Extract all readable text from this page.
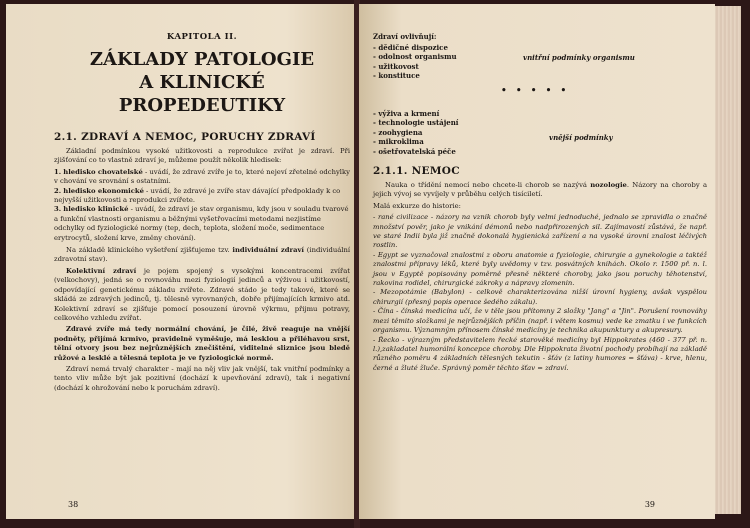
KAPITOLA II.
ZÁKLADY PATOLOGIE
A KLINICKÉ PROPEDEUTIKY
2.1. ZDRAVÍ A NEMOC, PORUCHY ZDRAVÍ

Základní podmínkou vysoké užitkovosti a reprodukce zvířat je zdraví. Při zjišťování co to vlastně zdraví je, můžeme použít několik hledisek:

1. hledisko chovatelské - uvádí, že zdravé zvíře je to, které nejeví zřetelné odchylky v chování ve srovnání s ostatními.
2. hledisko ekonomické - uvádí, že zdravé je zvíře stav dávající předpoklady k co nejvyšší užitkovosti a reprodukci zvířete.
3. hledisko klinické - uvádí, že zdraví je stav organismu, kdy jsou v souladu tvarové a funkční vlastnosti organismu a běžnými vyšetřovacími metodami nezjistíme odchylky od fyziologické normy (tep, dech, teplota, složení moče, sedimentace erytrocytů, složení krve, změny chování).

Na základě klinického vyšetření zjišťujeme tzv. individuální zdraví (individuální zdravotní stav).

Kolektivní zdraví je pojem spojený s vysokými koncentracemi zvířat (velkochovy), jedná se o rovnováhu mezi fyziologií jedinců a výživou i užitkovostí, odpovídající genetickému základu zvířete. Zdravé stádo je tedy takové, které se skládá ze zdravých jedinců, tj. tělesně vyrovnaných, dobře přijímajících krmivo atd. Kolektivní zdraví se zjišťuje pomocí posouzení úrovně výkrmu, přijmu potravy, celkového vzhledu zvířat.

Zdravé zvíře má tedy normální chování, je čilé, živě reaguje na vnější podněty, přijímá krmivo, pravidelně vyměšuje, má lesklou a přiléhavou srst, tělní otvory jsou bez nejrůznějších znečištění, viditelné sliznice jsou bledě růžové a lesklé a tělesná teplota je ve fyziologické normě.

Zdraví nemá trvalý charakter - mají na něj vliv jak vnější, tak vnitřní podmínky a tento vliv může být jak pozitivní (dochází k upevňování zdraví), tak i negativní (dochází k ohrožování nebo k poruchám zdraví).

38
Zdraví ovlivňují:
- dědičné dispozice
- odolnost organismu
- užitkovost
- konstituce
vnitřní podmínky organismu
• • • • •
- výživa a krmení
- technologie ustájení
- zoohygiena
- mikroklima
- ošetřovatelská péče
vnější podmínky
2.1.1. NEMOC

Nauka o třídění nemocí nebo chcete-li chorob se nazývá nozologie. Názory na choroby a jejich vývoj se vyvíjely v průběhu celých tisíciletí.

Malá exkurze do historie:

- rané civilizace - názory na vznik chorob byly velmi jednoduché, jednalo se zpravidla o značně množství pověr, jako je vnikání démonů nebo nadpřirozených sil. Zajímavostí zůstává, že např. ve staré Indii byla již značně dokonalá hygienická zařízení a na vysoké úrovni znalost léčivých rostlin.

- Egypt se vyznačoval znalostmi z oboru anatomie a fyziologie, chirurgie a gynekologie a taktéž znalostmi přípravy léků, které byly uvědomy v tzv. posvátných knihách. Okolo r. 1500 př. n. l. jsou v Egyptě popisovány poměrně přesně některé choroby, jako jsou poruchy těhotenství, rakovina rodidel, chirurgické zákroky a nápravy zlomenin.

- Mezopotámie (Babylon) - celkově charakterizována nižší úrovní hygieny, avšak vyspělou chirurgií (přesný popis operace šedého zákalu).

- Čína - čínská medicína učí, že v těle jsou přítomny 2 složky "Jang" a "Jin". Porušení rovnováhy mezi těmito složkami je nejrůznějších příčin (např. i větem kosmu) vede ke zmatku i ve funkcích organismu. Významným přínosem čínské medicíny je technika akupunktury a akupresury.

- Řecko - výrazným představitelem řecké starověké medicíny byl Hippokrates (460 - 377 př. n. l.),zakladatel humorální koncepce choroby. Dle Hippokrata životní pochody probíhají na základě různého poměru 4 základních tělesných tekutin - šťáv (z latiny humores = šťáva) - krve, hlenu, černé a žluté žluče. Správný poměr těchto šťav = zdraví.

39
